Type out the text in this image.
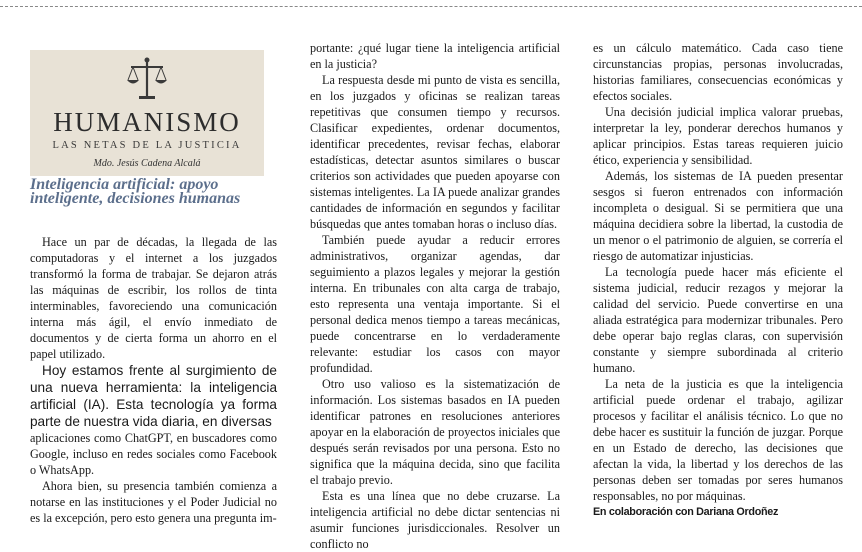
HUMANISMO
LAS NETAS DE LA JUSTICIA
Mdo. Jesús Cadena Alcalá
Inteligencia artificial: apoyo inteligente, decisiones humanas

Hace un par de décadas, la llegada de las computadoras y el internet a los juzgados transformó la forma de trabajar. Se dejaron atrás las máquinas de escribir, los rollos de tinta interminables, favoreciendo una comunicación interna más ágil, el envío inmediato de documentos y de cierta forma un ahorro en el papel utilizado.

Hoy estamos frente al surgimiento de una nueva herramienta: la inteligencia artificial (IA). Esta tecnología ya forma parte de nuestra vida diaria, en diversas

aplicaciones como ChatGPT, en buscadores como Google, incluso en redes sociales como Facebook o WhatsApp.

Ahora bien, su presencia también comienza a notarse en las instituciones y el Poder Judicial no es la excepción, pero esto genera una pregunta im-

portante: ¿qué lugar tiene la inteligencia artificial en la justicia?

La respuesta desde mi punto de vista es sencilla, en los juzgados y oficinas se realizan tareas repetitivas que consumen tiempo y recursos. Clasificar expedientes, ordenar documentos, identificar precedentes, revisar fechas, elaborar estadísticas, detectar asuntos similares o buscar criterios son actividades que pueden apoyarse con sistemas inteligentes. La IA puede analizar grandes cantidades de información en segundos y facilitar búsquedas que antes tomaban horas o incluso días.

También puede ayudar a reducir errores administrativos, organizar agendas, dar seguimiento a plazos legales y mejorar la gestión interna. En tribunales con alta carga de trabajo, esto representa una ventaja importante. Si el personal dedica menos tiempo a tareas mecánicas, puede concentrarse en lo verdaderamente relevante: estudiar los casos con mayor profundidad.

Otro uso valioso es la sistematización de información. Los sistemas basados en IA pueden identificar patrones en resoluciones anteriores apoyar en la elaboración de proyectos iniciales que después serán revisados por una persona. Esto no significa que la máquina decida, sino que facilita el trabajo previo.

Esta es una línea que no debe cruzarse. La inteligencia artificial no debe dictar sentencias ni asumir funciones jurisdiccionales. Resolver un conflicto no

es un cálculo matemático. Cada caso tiene circunstancias propias, personas involucradas, historias familiares, consecuencias económicas y efectos sociales.

Una decisión judicial implica valorar pruebas, interpretar la ley, ponderar derechos humanos y aplicar principios. Estas tareas requieren juicio ético, experiencia y sensibilidad.

Además, los sistemas de IA pueden presentar sesgos si fueron entrenados con información incompleta o desigual. Si se permitiera que una máquina decidiera sobre la libertad, la custodia de un menor o el patrimonio de alguien, se correría el riesgo de automatizar injusticias.

La tecnología puede hacer más eficiente el sistema judicial, reducir rezagos y mejorar la calidad del servicio. Puede convertirse en una aliada estratégica para modernizar tribunales. Pero debe operar bajo reglas claras, con supervisión constante y siempre subordinada al criterio humano.

La neta de la justicia es que la inteligencia artificial puede ordenar el trabajo, agilizar procesos y facilitar el análisis técnico. Lo que no debe hacer es sustituir la función de juzgar. Porque en un Estado de derecho, las decisiones que afectan la vida, la libertad y los derechos de las personas deben ser tomadas por seres humanos responsables, no por máquinas.

En colaboración con Dariana Ordoñez
